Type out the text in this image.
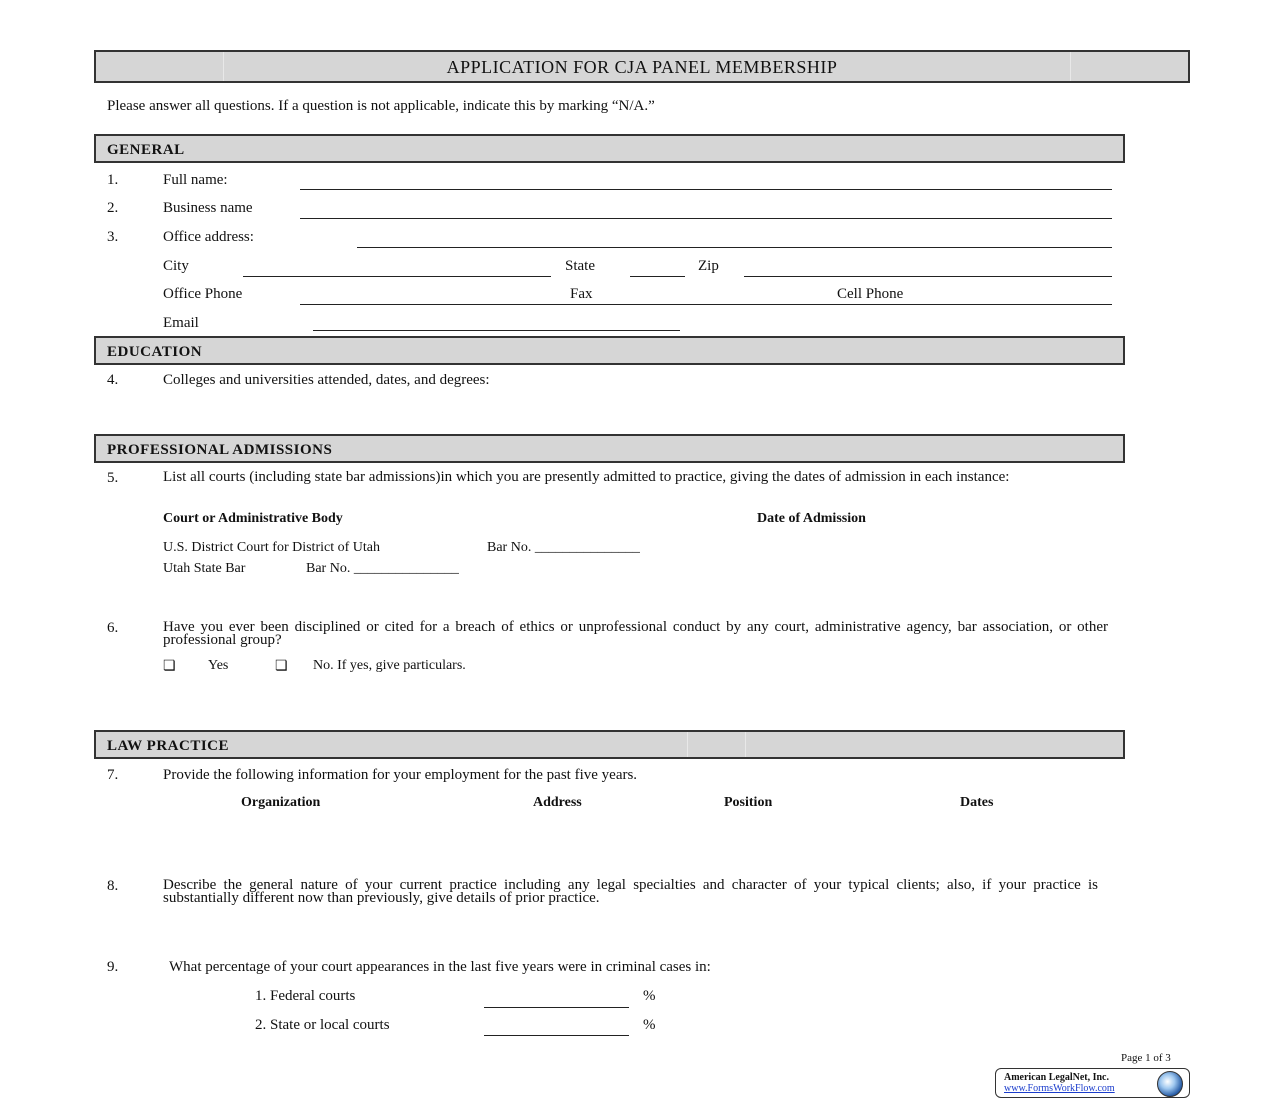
APPLICATION FOR CJA PANEL MEMBERSHIP
Please answer all questions. If a question is not applicable, indicate this by marking “N/A.”
GENERAL
1.	Full name:
2.	Business name
3.	Office address:
City	State	Zip
Office Phone	Fax	Cell Phone
Email
EDUCATION
4.	Colleges and universities attended, dates, and degrees:
PROFESSIONAL ADMISSIONS
5.	List all courts (including state bar admissions)in which you are presently admitted to practice, giving the dates of admission in each instance:
Court or Administrative Body	Date of Admission
U.S. District Court for District of Utah	Bar No. _______________
Utah State Bar	Bar No. _______________
6.	Have you ever been disciplined or cited for a breach of ethics or unprofessional conduct by any court, administrative agency, bar association, or other professional group?
❏ Yes	❏ No. If yes, give particulars.
LAW PRACTICE
7.	Provide the following information for your employment for the past five years.
Organization	Address	Position	Dates
8.	Describe the general nature of your current practice including any legal specialties and character of your typical clients; also, if your practice is substantially different now than previously, give details of prior practice.
9.	What percentage of your court appearances in the last five years were in criminal cases in:
1. Federal courts	%
2. State or local courts	%
Page 1 of 3
American LegalNet, Inc.
www.FormsWorkFlow.com
